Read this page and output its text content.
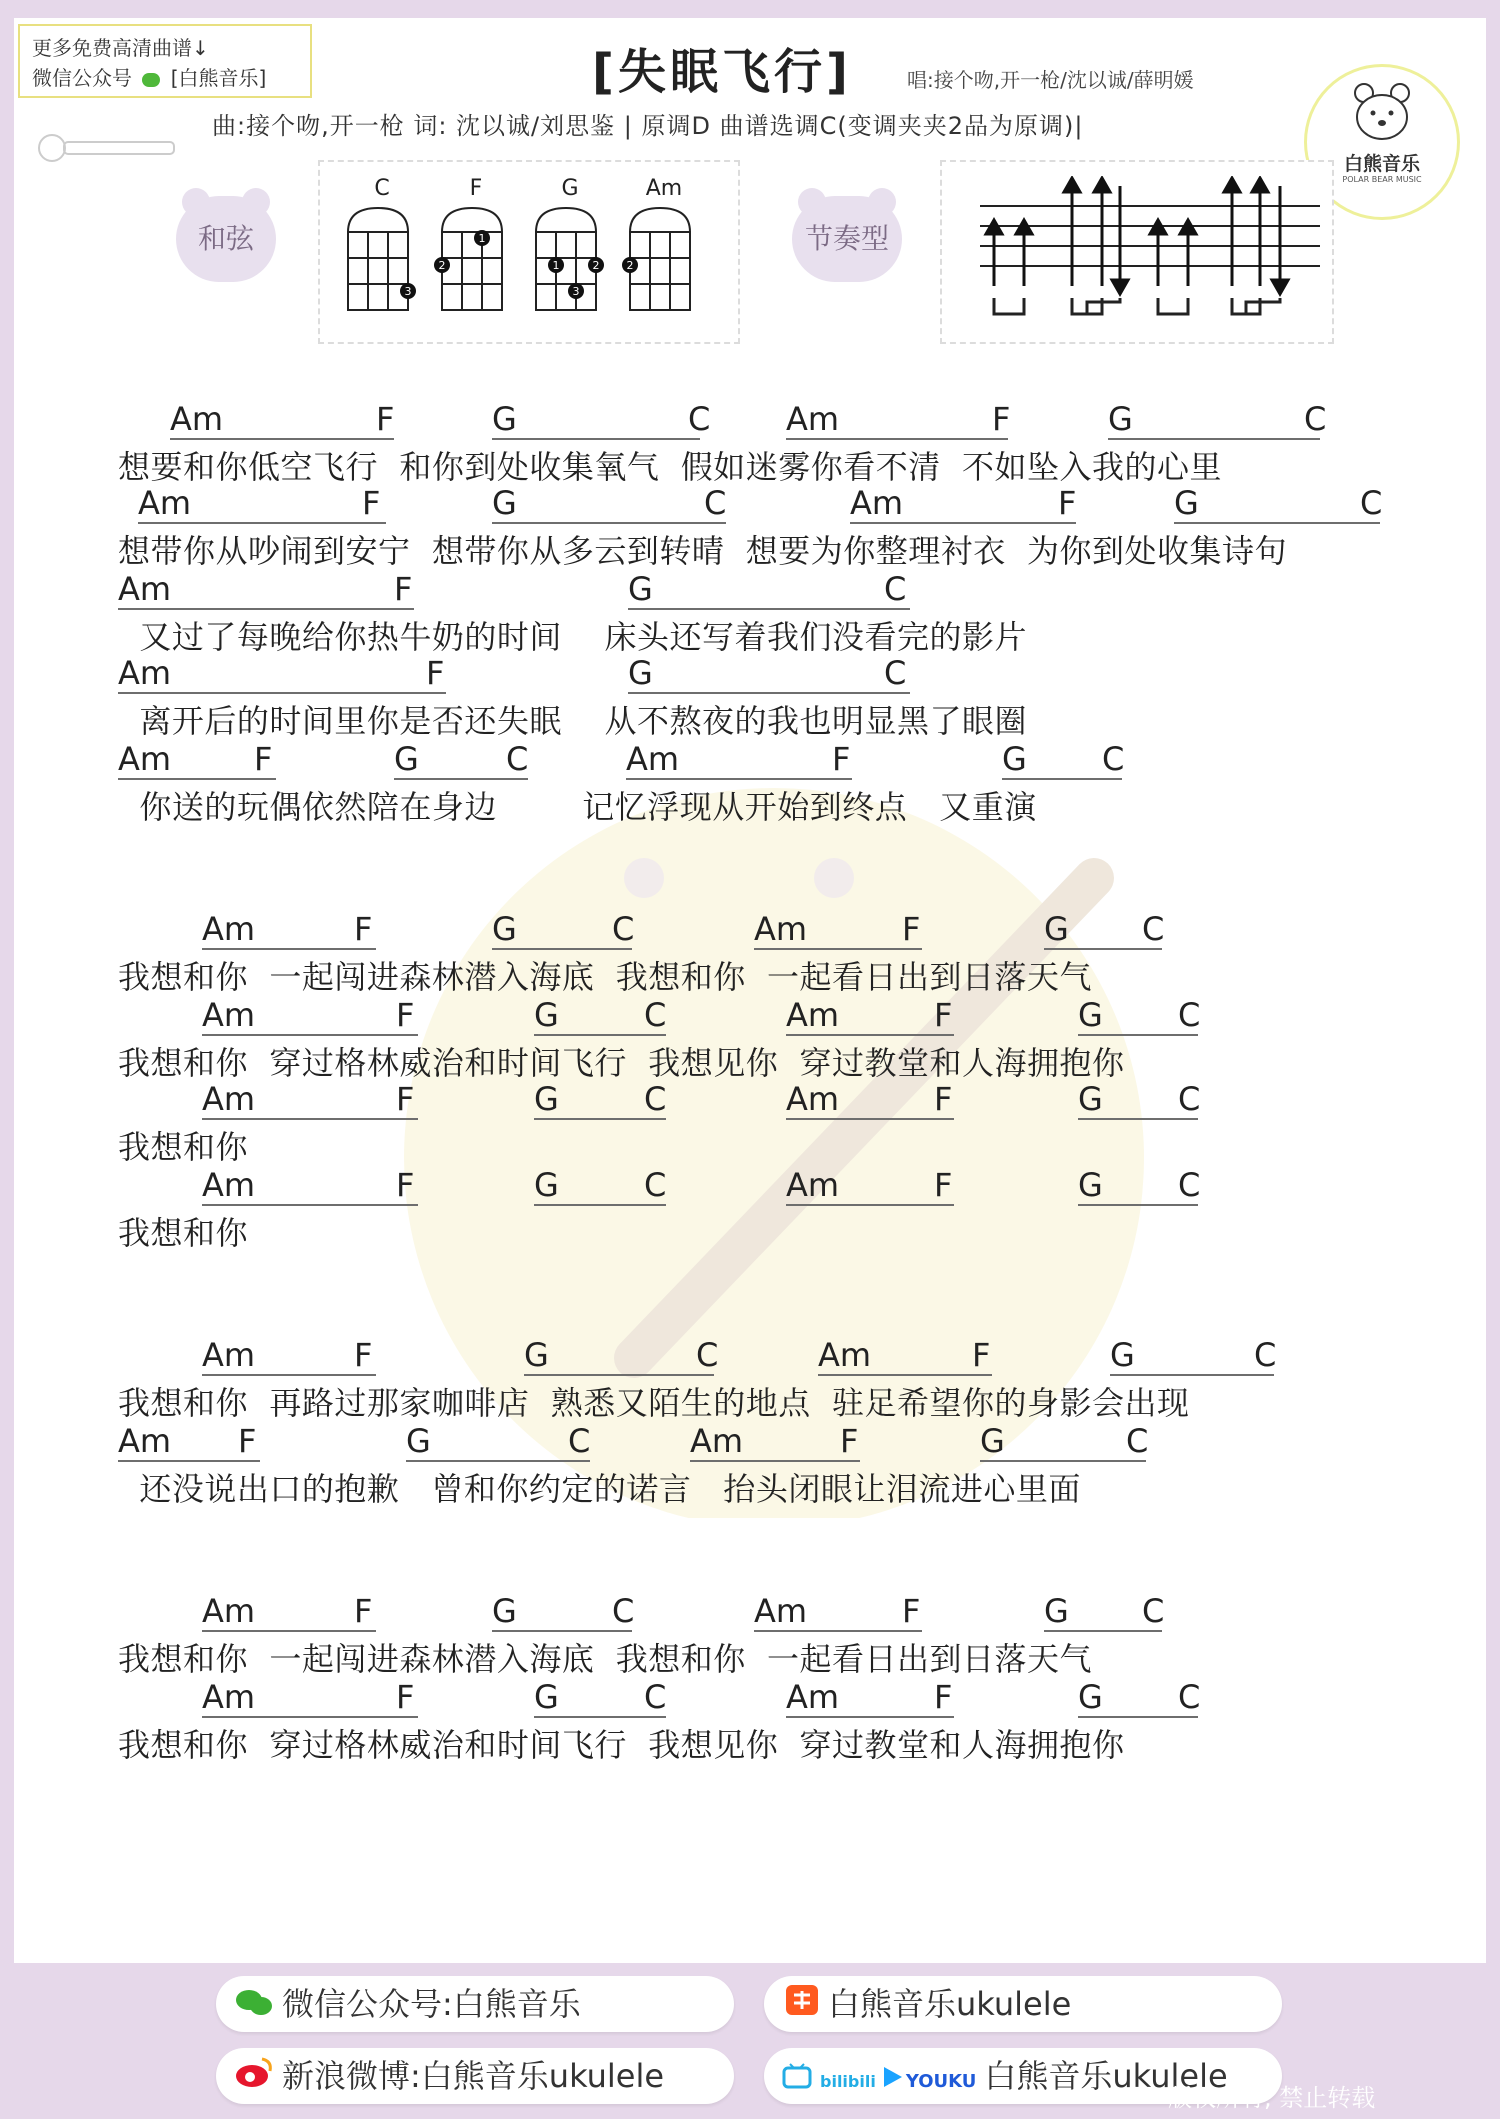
更多免费高清曲谱↓
微信公众号 [白熊音乐]	[失眠飞行]	唱:接个吻,开一枪/沈以诚/薛明媛
曲:接个吻,开一枪 词: 沈以诚/刘思鉴 | 原调D 曲谱选调C(变调夹夹2品为原调)|
白熊音乐
POLAR BEAR MUSIC
和弦
C	F	G	Am
3
1
2	1	2
3
2
节奏型
Am	F	G	C Am	F	G	C
想要和你低空飞行  和你到处收集氧气  假如迷雾你看不清  不如坠入我的心里
Am	F	G	C	Am	F	G	C
想带你从吵闹到安宁  想带你从多云到转晴  想要为你整理衬衣  为你到处收集诗句
Am	F	G	C
又过了每晚给你热牛奶的时间    床头还写着我们没看完的影片
Am	F	G	C
离开后的时间里你是否还失眠    从不熬夜的我也明显黑了眼圈
Am	F	G	C	Am	F	G C
你送的玩偶依然陪在身边        记忆浮现从开始到终点   又重演
Am	F	G	C	Am	F	G C
我想和你  一起闯进森林潜入海底  我想和你  一起看日出到日落天气
Am	F	G	C	Am	F	G C
我想和你  穿过格林威治和时间飞行  我想见你  穿过教堂和人海拥抱你
Am	F	G	C	Am	F	G C
我想和你
Am	F	G	C	Am	F	G C
我想和你
Am	F	G	C	Am	F	G	C
我想和你  再路过那家咖啡店  熟悉又陌生的地点  驻足希望你的身影会出现
Am F	G	C	Am	F	G	C
还没说出口的抱歉   曾和你约定的诺言   抬头闭眼让泪流进心里面
Am	F	G	C	Am	F	G C
我想和你  一起闯进森林潜入海底  我想和你  一起看日出到日落天气
Am	F	G	C	Am	F	G C
我想和你  穿过格林威治和时间飞行  我想见你  穿过教堂和人海拥抱你
微信公众号:白熊音乐	白熊音乐ukulele
新浪微博:白熊音乐ukulele	bilibili YOUKU 白熊音乐ukulele
版权所有, 禁止转载
